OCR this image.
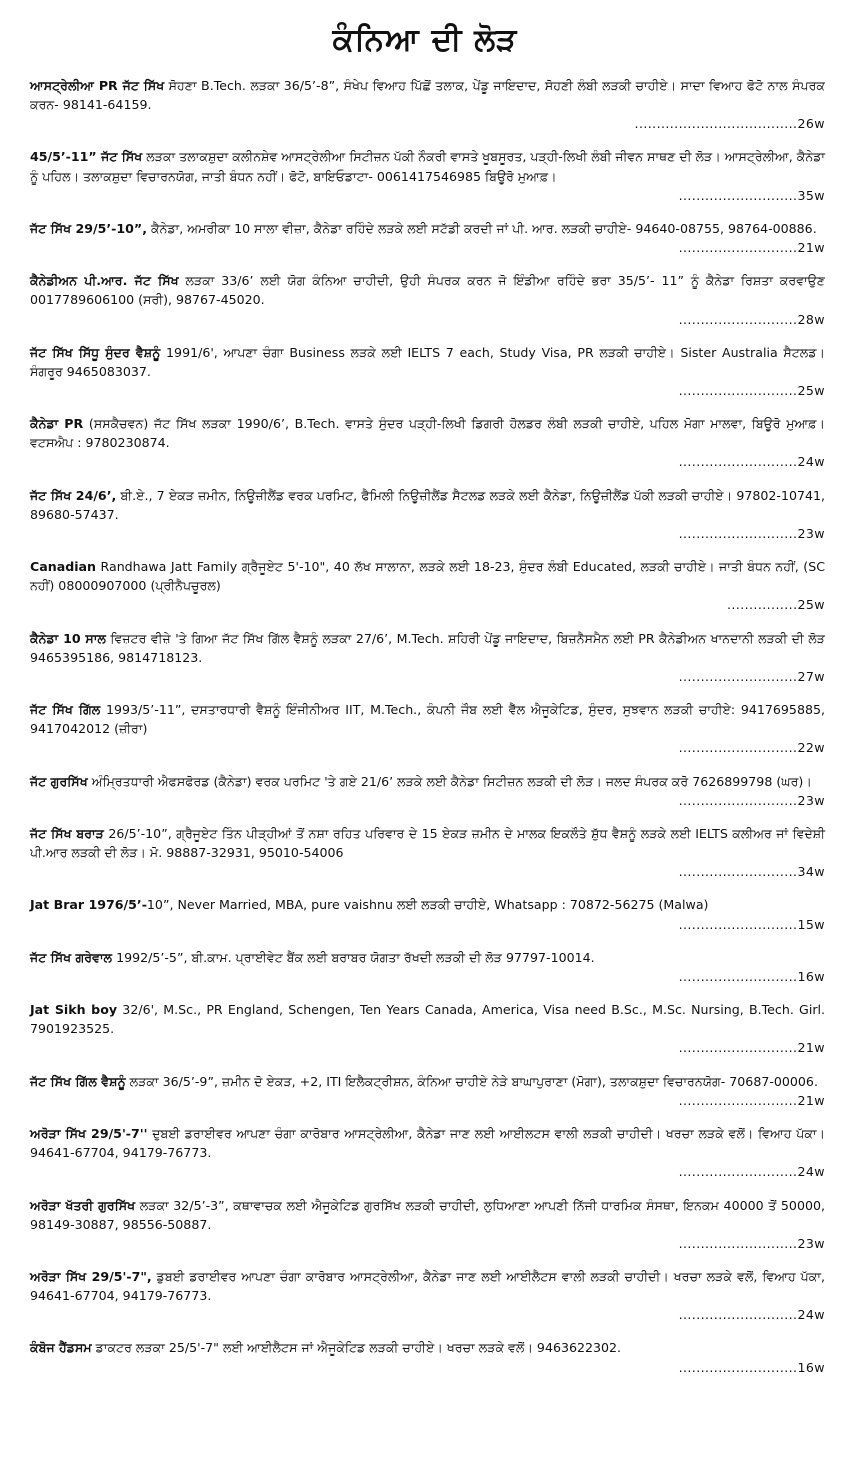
ਕੰਨਿਆ ਦੀ ਲੋੜ
ਆਸਟ੍ਰੇਲੀਆ PR ਜੱਟ ਸਿੱਖ ਸੋਹਣਾ B.Tech. ਲੜਕਾ 36/5’-8”, ਸੰਖੇਪ ਵਿਆਹ ਪਿੱਛੋਂ ਤਲਾਕ, ਪੇਂਡੂ ਜਾਇਦਾਦ, ਸੋਹਣੀ ਲੰਬੀ ਲੜਕੀ ਚਾਹੀਏ। ਸਾਦਾ ਵਿਆਹ ਫੋਟੋ ਨਾਲ ਸੰਪਰਕ ਕਰਨ- 98141-64159.
.....................................26w
45/5’-11” ਜੱਟ ਸਿੱਖ ਲੜਕਾ ਤਲਾਕਸ਼ੁਦਾ ਕਲੀਨਸ਼ੇਵ ਆਸਟ੍ਰੇਲੀਆ ਸਿਟੀਜ਼ਨ ਪੱਕੀ ਨੌਕਰੀ ਵਾਸਤੇ ਖੂਬਸੂਰਤ, ਪੜ੍ਹੀ-ਲਿਖੀ ਲੰਬੀ ਜੀਵਨ ਸਾਥਣ ਦੀ ਲੋੜ। ਆਸਟ੍ਰੇਲੀਆ, ਕੈਨੇਡਾ ਨੂੰ ਪਹਿਲ। ਤਲਾਕਸ਼ੁਦਾ ਵਿਚਾਰਨਯੋਗ, ਜਾਤੀ ਬੰਧਨ ਨਹੀਂ। ਫੋਟੋ, ਬਾਇਓਡਾਟਾ- 0061417546985 ਬਿਊਰੋ ਮੁਆਫ਼।
...........................35w
ਜੱਟ ਸਿੱਖ 29/5’-10”, ਕੈਨੇਡਾ, ਅਮਰੀਕਾ 10 ਸਾਲਾ ਵੀਜ਼ਾ, ਕੈਨੇਡਾ ਰਹਿੰਦੇ ਲੜਕੇ ਲਈ ਸਟੱਡੀ ਕਰਦੀ ਜਾਂ ਪੀ. ਆਰ. ਲੜਕੀ ਚਾਹੀਏ- 94640-08755, 98764-00886.
...........................21w
ਕੈਨੇਡੀਅਨ ਪੀ.ਆਰ. ਜੱਟ ਸਿੱਖ ਲੜਕਾ 33/6’ ਲਈ ਯੋਗ ਕੰਨਿਆ ਚਾਹੀਦੀ, ਉਹੀ ਸੰਪਰਕ ਕਰਨ ਜੋ ਇੰਡੀਆ ਰਹਿੰਦੇ ਭਰਾ 35/5’- 11” ਨੂੰ ਕੈਨੇਡਾ ਰਿਸ਼ਤਾ ਕਰਵਾਉਣ 0017789606100 (ਸਰੀ), 98767-45020.
...........................28w
ਜੱਟ ਸਿੱਖ ਸਿੱਧੂ ਸੁੰਦਰ ਵੈਸ਼ਨੂੰ 1991/6', ਆਪਣਾ ਚੰਗਾ Business ਲੜਕੇ ਲਈ IELTS 7 each, Study Visa, PR ਲੜਕੀ ਚਾਹੀਏ। Sister Australia ਸੈਟਲਡ। ਸੰਗਰੂਰ 9465083037.
...........................25w
ਕੈਨੇਡਾ PR (ਸਸਕੈਚਵਨ) ਜੱਟ ਸਿੱਖ ਲੜਕਾ 1990/6’, B.Tech. ਵਾਸਤੇ ਸੁੰਦਰ ਪੜ੍ਹੀ-ਲਿਖੀ ਡਿਗਰੀ ਹੋਲਡਰ ਲੰਬੀ ਲੜਕੀ ਚਾਹੀਏ, ਪਹਿਲ ਮੋਗਾ ਮਾਲਵਾ, ਬਿਊਰੋ ਮੁਆਫ਼। ਵਟਸਐਪ : 9780230874.
...........................24w
ਜੱਟ ਸਿੱਖ 24/6’, ਬੀ.ਏ., 7 ਏਕੜ ਜ਼ਮੀਨ, ਨਿਊਜ਼ੀਲੈਂਡ ਵਰਕ ਪਰਮਿਟ, ਫੈਮਿਲੀ ਨਿਊਜ਼ੀਲੈਂਡ ਸੈਟਲਡ ਲੜਕੇ ਲਈ ਕੈਨੇਡਾ, ਨਿਊਜ਼ੀਲੈਂਡ ਪੱਕੀ ਲੜਕੀ ਚਾਹੀਏ। 97802-10741, 89680-57437.
...........................23w
Canadian Randhawa Jatt Family ਗ੍ਰੈਜੂਏਟ 5'-10", 40 ਲੱਖ ਸਾਲਾਨਾ, ਲੜਕੇ ਲਈ 18-23, ਸੁੰਦਰ ਲੰਬੀ Educated, ਲੜਕੀ ਚਾਹੀਏ। ਜਾਤੀ ਬੰਧਨ ਨਹੀਂ, (SC ਨਹੀਂ) 08000907000 (ਪ੍ਰੀਨੈਪਚੂਰਲ)
................25w
ਕੈਨੇਡਾ 10 ਸਾਲ ਵਿਜ਼ਟਰ ਵੀਜ਼ੇ 'ਤੇ ਗਿਆ ਜੱਟ ਸਿੱਖ ਗਿੱਲ ਵੈਸ਼ਨੂੰ ਲੜਕਾ 27/6’, M.Tech. ਸ਼ਹਿਰੀ ਪੇਂਡੂ ਜਾਇਦਾਦ, ਬਿਜ਼ਨੈਸਮੈਨ ਲਈ PR ਕੈਨੇਡੀਅਨ ਖਾਨਦਾਨੀ ਲੜਕੀ ਦੀ ਲੋੜ 9465395186, 9814718123.
...........................27w
ਜੱਟ ਸਿੱਖ ਗਿੱਲ 1993/5’-11”, ਦਸਤਾਰਧਾਰੀ ਵੈਸ਼ਨੂੰ ਇੰਜੀਨੀਅਰ IIT, M.Tech., ਕੰਪਨੀ ਜੌਬ ਲਈ ਵੈੱਲ ਐਜੂਕੇਟਿਡ, ਸੁੰਦਰ, ਸੁਝਵਾਨ ਲੜਕੀ ਚਾਹੀਏ: 9417695885, 9417042012 (ਜ਼ੀਰਾ)
...........................22w
ਜੱਟ ਗੁਰਸਿੱਖ ਅੰਮ੍ਰਿਤਧਾਰੀ ਐਫਸਫੋਰਡ (ਕੈਨੇਡਾ) ਵਰਕ ਪਰਮਿਟ 'ਤੇ ਗਏ 21/6’ ਲੜਕੇ ਲਈ ਕੈਨੇਡਾ ਸਿਟੀਜ਼ਨ ਲੜਕੀ ਦੀ ਲੋੜ। ਜਲਦ ਸੰਪਰਕ ਕਰੋ 7626899798 (ਘਰ)।
...........................23w
ਜੱਟ ਸਿੱਖ ਬਰਾੜ 26/5’-10”, ਗ੍ਰੈਜੂਏਟ ਤਿੰਨ ਪੀੜ੍ਹੀਆਂ ਤੋਂ ਨਸ਼ਾ ਰਹਿਤ ਪਰਿਵਾਰ ਦੇ 15 ਏਕੜ ਜ਼ਮੀਨ ਦੇ ਮਾਲਕ ਇਕਲੌਤੇ ਸ਼ੁੱਧ ਵੈਸ਼ਨੂੰ ਲੜਕੇ ਲਈ IELTS ਕਲੀਅਰ ਜਾਂ ਵਿਦੇਸ਼ੀ ਪੀ.ਆਰ ਲੜਕੀ ਦੀ ਲੋੜ। ਮੋ. 98887-32931, 95010-54006
...........................34w
Jat Brar 1976/5’-10”, Never Married, MBA, pure vaishnu ਲਈ ਲੜਕੀ ਚਾਹੀਏ, Whatsapp : 70872-56275 (Malwa)
...........................15w
ਜੱਟ ਸਿੱਖ ਗਰੇਵਾਲ 1992/5’-5”, ਬੀ.ਕਾਮ. ਪ੍ਰਾਈਵੇਟ ਬੈਂਕ ਲਈ ਬਰਾਬਰ ਯੋਗਤਾ ਰੱਖਦੀ ਲੜਕੀ ਦੀ ਲੋੜ 97797-10014.
...........................16w
Jat Sikh boy 32/6', M.Sc., PR England, Schengen, Ten Years Canada, America, Visa need B.Sc., M.Sc. Nursing, B.Tech. Girl. 7901923525.
...........................21w
ਜੱਟ ਸਿੱਖ ਗਿੱਲ ਵੈਸ਼ਨੂੰ ਲੜਕਾ 36/5’-9”, ਜ਼ਮੀਨ ਦੋ ਏਕੜ, +2, ITI ਇਲੈਕਟ੍ਰੀਸ਼ਨ, ਕੰਨਿਆ ਚਾਹੀਏ ਨੇੜੇ ਬਾਘਾਪੁਰਾਣਾ (ਮੋਗਾ), ਤਲਾਕਸ਼ੁਦਾ ਵਿਚਾਰਨਯੋਗ- 70687-00006.
...........................21w
ਅਰੋੜਾ ਸਿੱਖ 29/5'-7'' ਦੁਬਈ ਡਰਾਈਵਰ ਆਪਣਾ ਚੰਗਾ ਕਾਰੋਬਾਰ ਆਸਟ੍ਰੇਲੀਆ, ਕੈਨੇਡਾ ਜਾਣ ਲਈ ਆਈਲਟਸ ਵਾਲੀ ਲੜਕੀ ਚਾਹੀਦੀ। ਖਰਚਾ ਲੜਕੇ ਵਲੋਂ। ਵਿਆਹ ਪੱਕਾ। 94641-67704, 94179-76773.
...........................24w
ਅਰੋੜਾ ਖੱਤਰੀ ਗੁਰਸਿੱਖ ਲੜਕਾ 32/5’-3”, ਕਥਾਵਾਚਕ ਲਈ ਐਜੂਕੇਟਿਡ ਗੁਰਸਿੱਖ ਲੜਕੀ ਚਾਹੀਦੀ, ਲੁਧਿਆਣਾ ਆਪਣੀ ਨਿੱਜੀ ਧਾਰਮਿਕ ਸੰਸਥਾ, ਇਨਕਮ 40000 ਤੋਂ 50000, 98149-30887, 98556-50887.
...........................23w
ਅਰੋੜਾ ਸਿੱਖ 29/5'-7", ਡੁਬਈ ਡਰਾਈਵਰ ਆਪਣਾ ਚੰਗਾ ਕਾਰੋਬਾਰ ਆਸਟ੍ਰੇਲੀਆ, ਕੈਨੇਡਾ ਜਾਣ ਲਈ ਆਈਲੈਟਸ ਵਾਲੀ ਲੜਕੀ ਚਾਹੀਦੀ। ਖਰਚਾ ਲੜਕੇ ਵਲੋਂ, ਵਿਆਹ ਪੱਕਾ, 94641-67704, 94179-76773.
...........................24w
ਕੰਬੋਜ ਹੈਂਡਸਮ ਡਾਕਟਰ ਲੜਕਾ 25/5'-7" ਲਈ ਆਈਲੈਟਸ ਜਾਂ ਐਜੂਕੇਟਿਡ ਲੜਕੀ ਚਾਹੀਏ। ਖਰਚਾ ਲੜਕੇ ਵਲੋਂ। 9463622302.
...........................16w
